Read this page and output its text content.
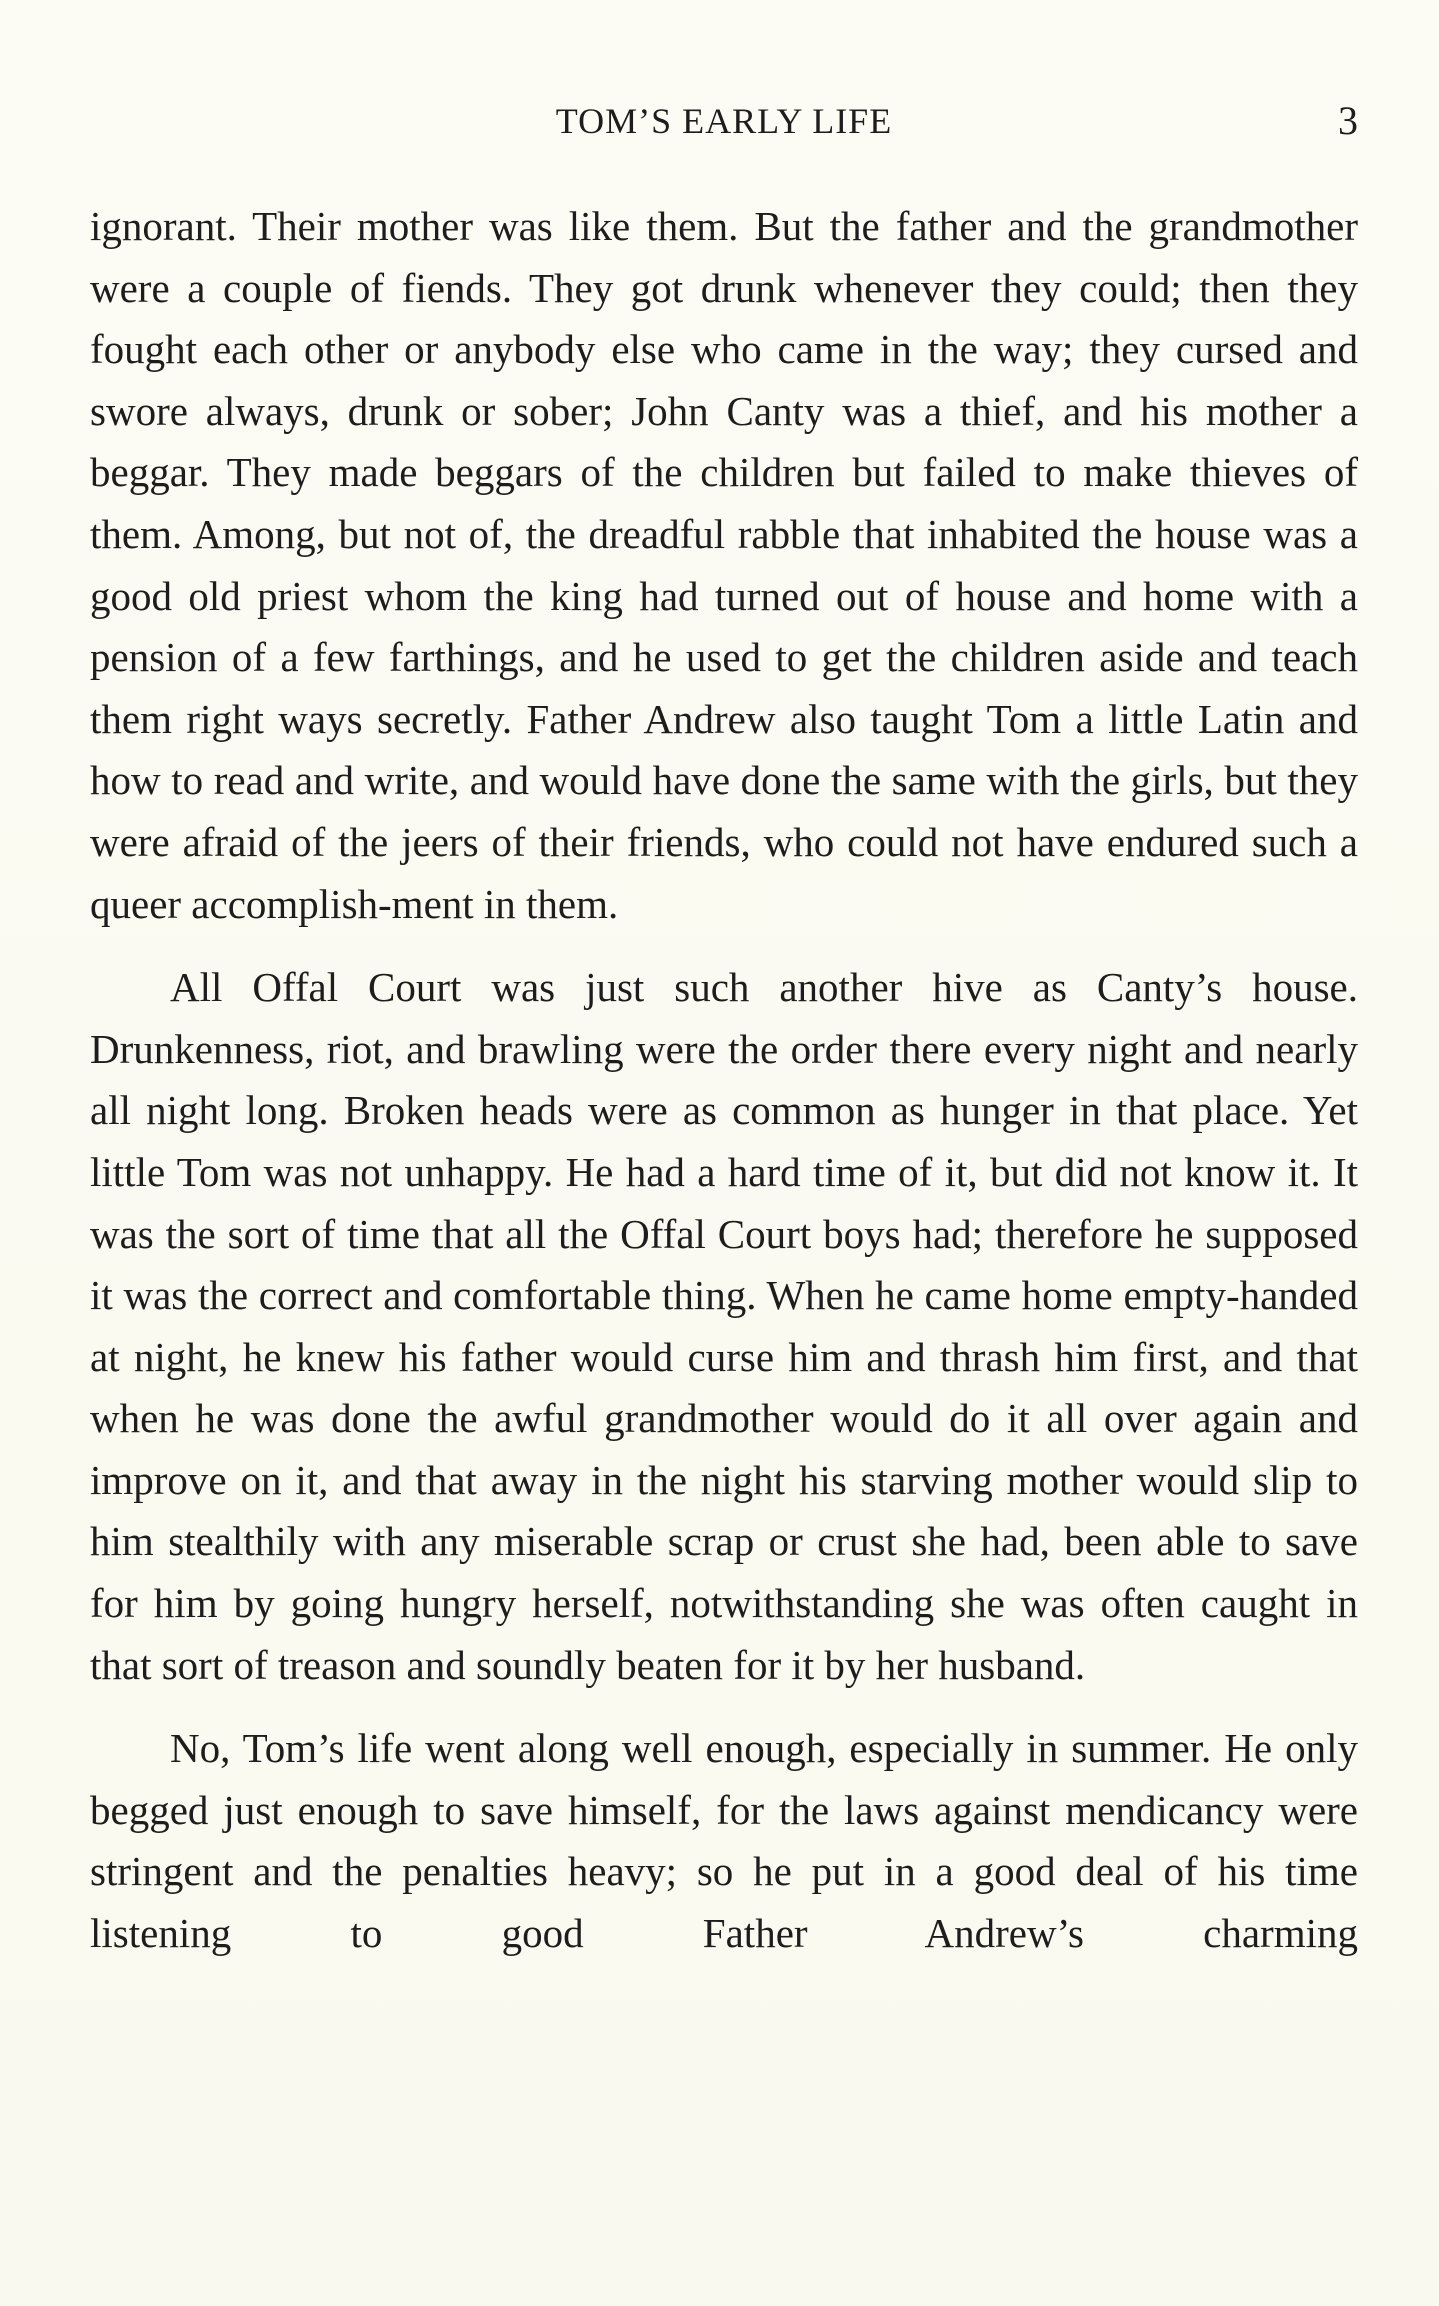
TOM’S EARLY LIFE	3

ignorant. Their mother was like them. But the father and the grandmother were a couple of fiends. They got drunk whenever they could; then they fought each other or anybody else who came in the way; they cursed and swore always, drunk or sober; John Canty was a thief, and his mother a beggar. They made beggars of the children but failed to make thieves of them. Among, but not of, the dreadful rabble that inhabited the house was a good old priest whom the king had turned out of house and home with a pension of a few farthings, and he used to get the children aside and teach them right ways secretly. Father Andrew also taught Tom a little Latin and how to read and write, and would have done the same with the girls, but they were afraid of the jeers of their friends, who could not have endured such a queer accomplish-ment in them.

All Offal Court was just such another hive as Canty’s house. Drunkenness, riot, and brawling were the order there every night and nearly all night long. Broken heads were as common as hunger in that place. Yet little Tom was not unhappy. He had a hard time of it, but did not know it. It was the sort of time that all the Offal Court boys had; therefore he supposed it was the correct and comfortable thing. When he came home empty-handed at night, he knew his father would curse him and thrash him first, and that when he was done the awful grandmother would do it all over again and improve on it, and that away in the night his starving mother would slip to him stealthily with any miserable scrap or crust she had, been able to save for him by going hungry herself, notwithstanding she was often caught in that sort of treason and soundly beaten for it by her husband.

No, Tom’s life went along well enough, especially in summer. He only begged just enough to save himself, for the laws against mendicancy were stringent and the penalties heavy; so he put in a good deal of his time listening to good Father Andrew’s charming
